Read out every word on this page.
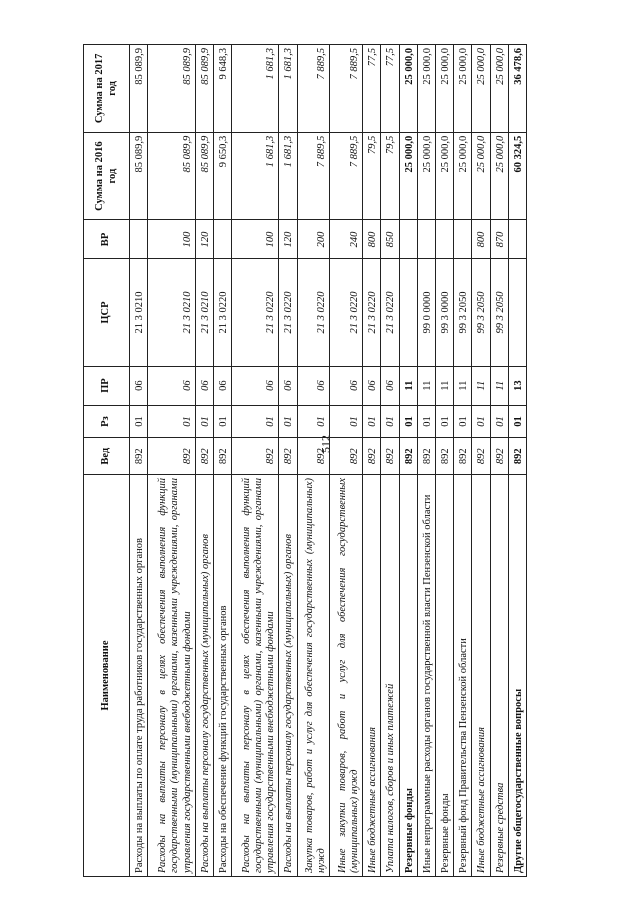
512
Наименование	Вед	Рз	ПР	ЦСР	ВР	Сумма на 2016 год	Сумма на 2017 год
Расходы на выплаты по оплате труда работников государственных органов	892	01	06	21 3 0210		85 089,9	85 089,9
Расходы на выплаты персоналу в целях обеспечения выполнения функций государственными (муниципальными) органами, казенными учреждениями, органами управления государственными внебюджетными фондами	892	01	06	21 3 0210	100	85 089,9	85 089,9
Расходы на выплаты персоналу государственных (муниципальных) органов	892	01	06	21 3 0210	120	85 089,9	85 089,9
Расходы на обеспечение функций государственных органов	892	01	06	21 3 0220		9 650,3	9 648,3
Расходы на выплаты персоналу в целях обеспечения выполнения функций государственными (муниципальными) органами, казенными учреждениями, органами управления государственными внебюджетными фондами	892	01	06	21 3 0220	100	1 681,3	1 681,3
Расходы на выплаты персоналу государственных (муниципальных) органов	892	01	06	21 3 0220	120	1 681,3	1 681,3
Закупка товаров, работ и услуг для обеспечения государственных (муниципальных) нужд	892	01	06	21 3 0220	200	7 889,5	7 889,5
Иные закупки товаров, работ и услуг для обеспечения государственных (муниципальных) нужд	892	01	06	21 3 0220	240	7 889,5	7 889,5
Иные бюджетные ассигнования	892	01	06	21 3 0220	800	79,5	77,5
Уплата налогов, сборов и иных платежей	892	01	06	21 3 0220	850	79,5	77,5
Резервные фонды	892	01	11			25 000,0	25 000,0
Иные непрограммные расходы органов государственной власти Пензенской области	892	01	11	99 0 0000		25 000,0	25 000,0
Резервные фонды	892	01	11	99 3 0000		25 000,0	25 000,0
Резервный фонд Правительства Пензенской области	892	01	11	99 3 2050		25 000,0	25 000,0
Иные бюджетные ассигнования	892	01	11	99 3 2050	800	25 000,0	25 000,0
Резервные средства	892	01	11	99 3 2050	870	25 000,0	25 000,0
Другие общегосударственные вопросы	892	01	13			60 324,5	36 478,6
